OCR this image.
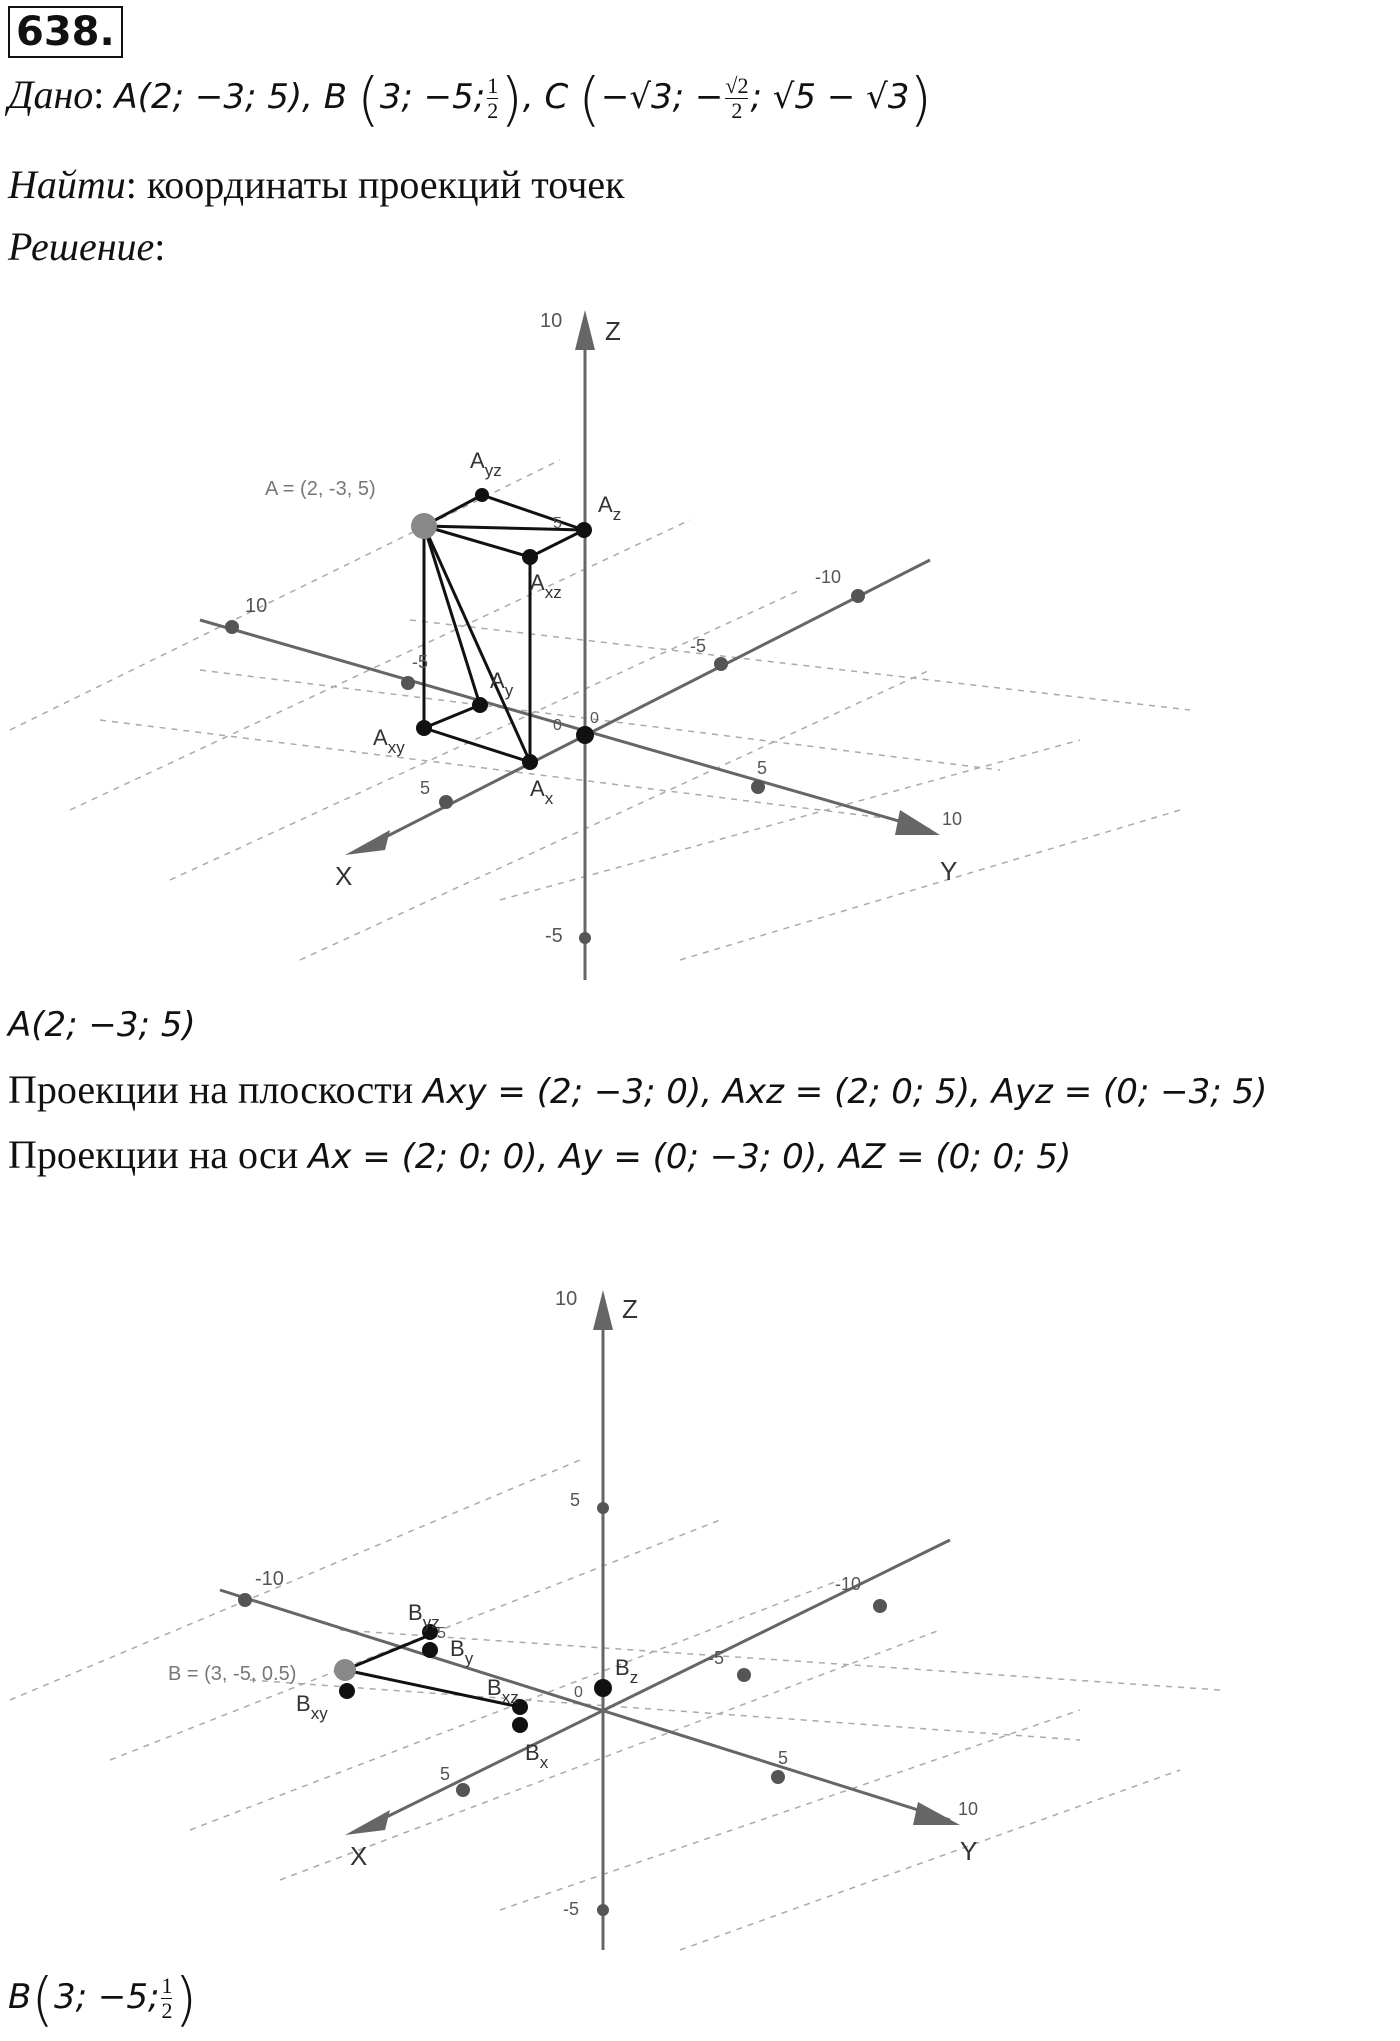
638.
Дано: A(2; −3; 5), B (3; −5; $\frac{1}{2}$ ), C (−√3; − $\frac{√2}{2}$ ; √5 − √3)
Найти: координаты проекций точек
Решение:
A = (2, -3, 5)
10 Z
Y
X
-5
5
-5
10
5
10
-5
-10
0 0
5
$A_{yz}$
$A_z$
$A_{xz}$
$A_y$
$A_{xy}$
$A_x$
A(2; −3; 5)
Проекции на плоскости Axy = (2; −3; 0), Axz = (2; 0; 5), Ayz = (0; −3; 5)
Проекции на оси Ax = (2; 0; 0), Ay = (0; −3; 0), AZ = (0; 0; 5)
B = (3, -5, 0.5)
10 Z
Y
X
5
-5
5
-10
5
10
-5
-10
0
5
$B_{yz}$
$B_y$	$B_z$
$B_{xz}$
$B_{xy}$
$B_x$
B(3; −5; $\frac{1}{2}$ )
